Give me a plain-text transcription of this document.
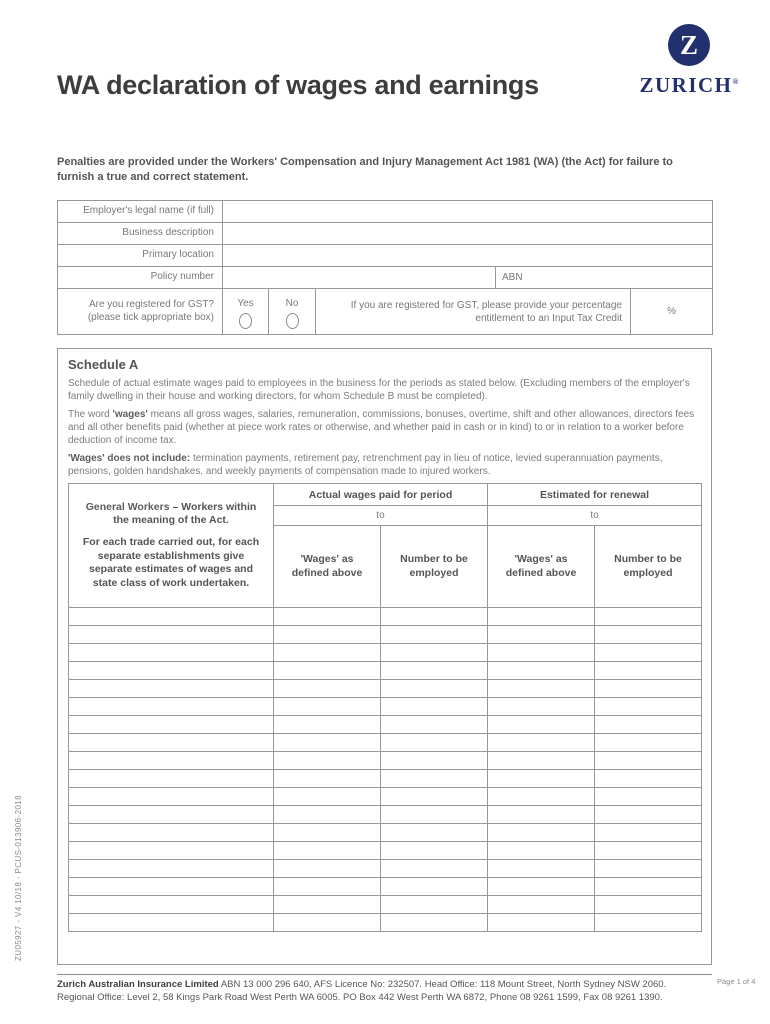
ZU05927 - V4 10/18 - PCUS-013906-2018
WA declaration of wages and earnings
Z
ZURICH®

Penalties are provided under the Workers' Compensation and Injury Management Act 1981 (WA) (the Act) for failure to furnish a true and correct statement.

Employer's legal name (if full)					
Business description					
Primary location					
Policy number				ABN	

Are you registered for GST?
(please tick appropriate box)	Yes	No	If you are registered for GST, please provide your percentage entitlement to an Input Tax Credit		%
Schedule A

Schedule of actual estimate wages paid to employees in the business for the periods as stated below. (Excluding members of the employer's family dwelling in their house and working directors, for whom Schedule B must be completed).

The word 'wages' means all gross wages, salaries, remuneration, commissions, bonuses, overtime, shift and other allowances, directors fees and all other benefits paid (whether at piece work rates or otherwise, and whether paid in cash or in kind) to or in relation to a worker before deduction of income tax.

'Wages' does not include: termination payments, retirement pay, retrenchment pay in lieu of notice, levied superannuation payments, pensions, golden handshakes, and weekly payments of compensation made to injured workers.

General Workers – Workers within the meaning of the Act.

For each trade carried out, for each separate establishments give separate estimates of wages and state class of work undertaken.	Actual wages paid for period		Estimated for renewal	
	to		to	
	'Wages' as defined above	Number to be employed	'Wages' as defined above	Number to be employed

Zurich Australian Insurance Limited ABN 13 000 296 640, AFS Licence No: 232507. Head Office: 118 Mount Street, North Sydney NSW 2060.
Regional Office: Level 2, 58 Kings Park Road West Perth WA 6005. PO Box 442 West Perth WA 6872, Phone 08 9261 1599, Fax 08 9261 1390.
Page 1 of 4
